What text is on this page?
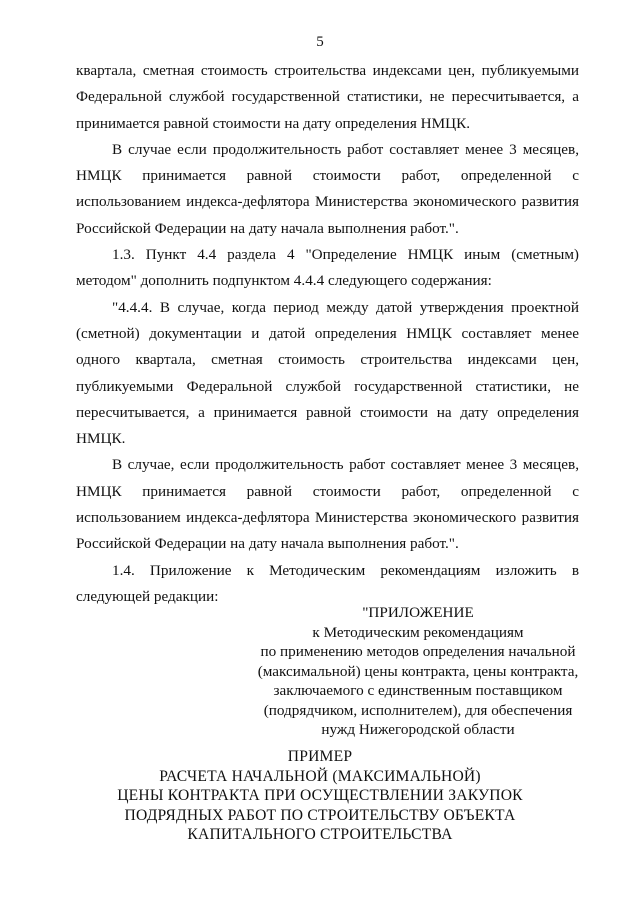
5

квартала, сметная стоимость строительства индексами цен, публикуемыми Федеральной службой государственной статистики, не пересчитывается, а принимается равной стоимости на дату определения НМЦК.

В случае если продолжительность работ составляет менее 3 месяцев, НМЦК принимается равной стоимости работ, определенной с использованием индекса-дефлятора Министерства экономического развития Российской Федерации на дату начала выполнения работ.".

1.3. Пункт 4.4 раздела 4 "Определение НМЦК иным (сметным) методом" дополнить подпунктом 4.4.4 следующего содержания:

"4.4.4. В случае, когда период между датой утверждения проектной (сметной) документации и датой определения НМЦК составляет менее одного квартала, сметная стоимость строительства индексами цен, публикуемыми Федеральной службой государственной статистики, не пересчитывается, а принимается равной стоимости на дату определения НМЦК.

В случае, если продолжительность работ составляет менее 3 месяцев, НМЦК принимается равной стоимости работ, определенной с использованием индекса-дефлятора Министерства экономического развития Российской Федерации на дату начала выполнения работ.".

1.4. Приложение к Методическим рекомендациям изложить в следующей редакции:

"ПРИЛОЖЕНИЕ
к Методическим рекомендациям
по применению методов определения начальной
(максимальной) цены контракта, цены контракта,
заключаемого с единственным поставщиком
(подрядчиком, исполнителем), для обеспечения
нужд Нижегородской области
ПРИМЕР
РАСЧЕТА НАЧАЛЬНОЙ (МАКСИМАЛЬНОЙ)
ЦЕНЫ КОНТРАКТА ПРИ ОСУЩЕСТВЛЕНИИ ЗАКУПОК
ПОДРЯДНЫХ РАБОТ ПО СТРОИТЕЛЬСТВУ ОБЪЕКТА
КАПИТАЛЬНОГО СТРОИТЕЛЬСТВА
